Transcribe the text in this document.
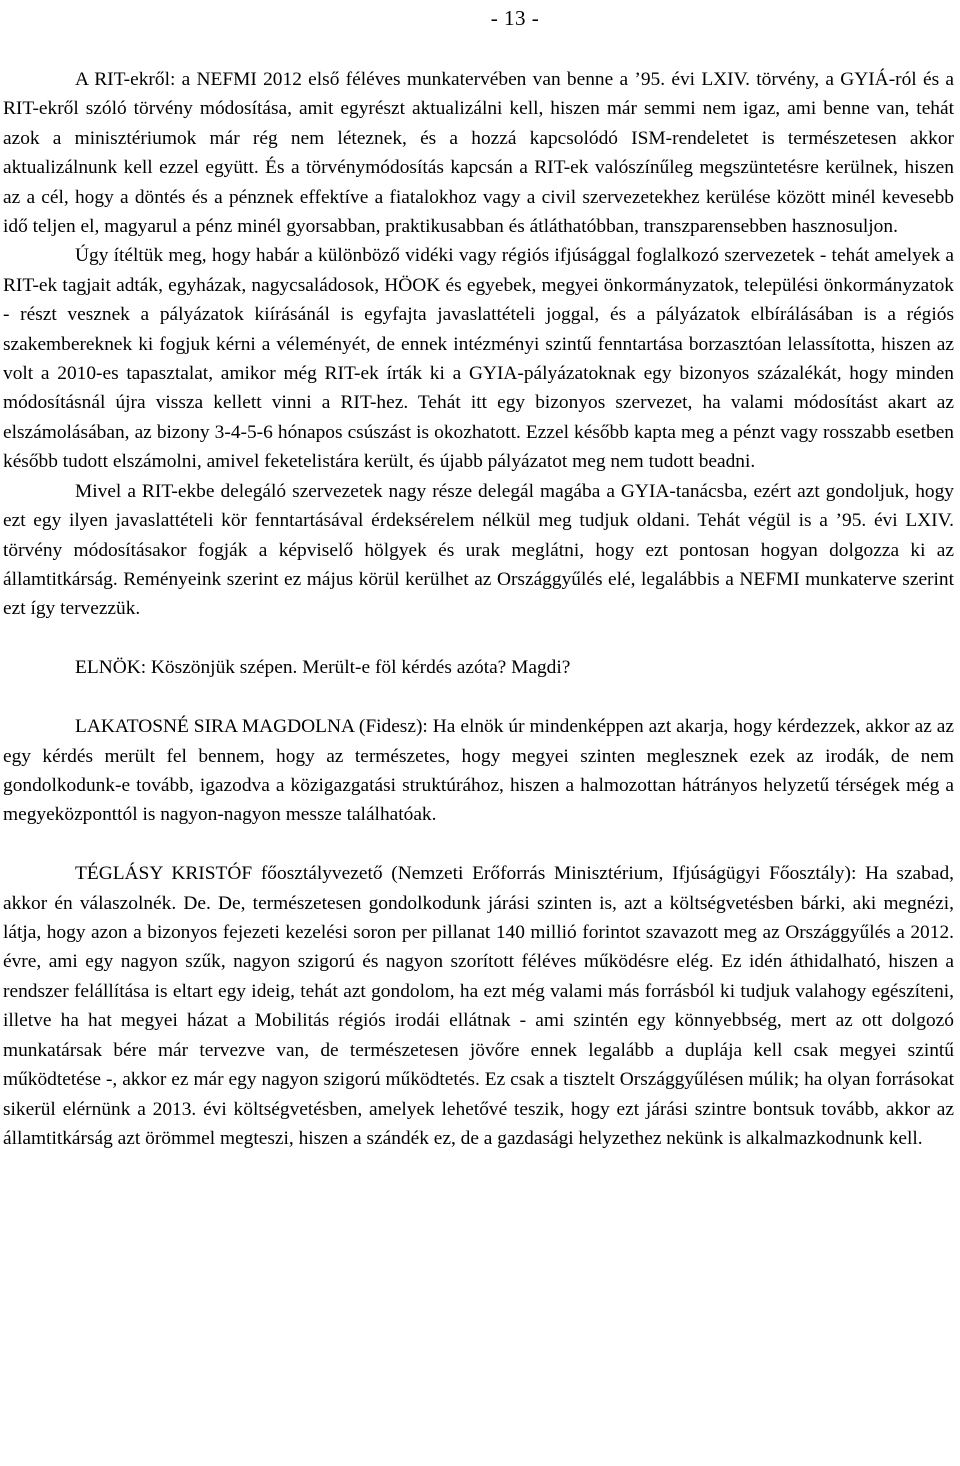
- 13 -

A RIT-ekről: a NEFMI 2012 első féléves munkatervében van benne a ’95. évi LXIV. törvény, a GYIÁ-ról és a RIT-ekről szóló törvény módosítása, amit egyrészt aktualizálni kell, hiszen már semmi nem igaz, ami benne van, tehát azok a minisztériumok már rég nem léteznek, és a hozzá kapcsolódó ISM-rendeletet is természetesen akkor aktualizálnunk kell ezzel együtt. És a törvénymódosítás kapcsán a RIT-ek valószínűleg megszüntetésre kerülnek, hiszen az a cél, hogy a döntés és a pénznek effektíve a fiatalokhoz vagy a civil szervezetekhez kerülése között minél kevesebb idő teljen el, magyarul a pénz minél gyorsabban, praktikusabban és átláthatóbban, transzparensebben hasznosuljon.

Úgy ítéltük meg, hogy habár a különböző vidéki vagy régiós ifjúsággal foglalkozó szervezetek - tehát amelyek a RIT-ek tagjait adták, egyházak, nagycsaládosok, HÖOK és egyebek, megyei önkormányzatok, települési önkormányzatok - részt vesznek a pályázatok kiírásánál is egyfajta javaslattételi joggal, és a pályázatok elbírálásában is a régiós szakembereknek ki fogjuk kérni a véleményét, de ennek intézményi szintű fenntartása borzasztóan lelassította, hiszen az volt a 2010-es tapasztalat, amikor még RIT-ek írták ki a GYIA-pályázatoknak egy bizonyos százalékát, hogy minden módosításnál újra vissza kellett vinni a RIT-hez. Tehát itt egy bizonyos szervezet, ha valami módosítást akart az elszámolásában, az bizony 3-4-5-6 hónapos csúszást is okozhatott. Ezzel később kapta meg a pénzt vagy rosszabb esetben később tudott elszámolni, amivel feketelistára került, és újabb pályázatot meg nem tudott beadni.

Mivel a RIT-ekbe delegáló szervezetek nagy része delegál magába a GYIA-tanácsba, ezért azt gondoljuk, hogy ezt egy ilyen javaslattételi kör fenntartásával érdeksérelem nélkül meg tudjuk oldani. Tehát végül is a ’95. évi LXIV. törvény módosításakor fogják a képviselő hölgyek és urak meglátni, hogy ezt pontosan hogyan dolgozza ki az államtitkárság. Reményeink szerint ez május körül kerülhet az Országgyűlés elé, legalábbis a NEFMI munkaterve szerint ezt így tervezzük.

ELNÖK: Köszönjük szépen. Merült-e föl kérdés azóta? Magdi?

LAKATOSNÉ SIRA MAGDOLNA (Fidesz): Ha elnök úr mindenképpen azt akarja, hogy kérdezzek, akkor az az egy kérdés merült fel bennem, hogy az természetes, hogy megyei szinten meglesznek ezek az irodák, de nem gondolkodunk-e tovább, igazodva a közigazgatási struktúrához, hiszen a halmozottan hátrányos helyzetű térségek még a megyeközponttól is nagyon-nagyon messze találhatóak.

TÉGLÁSY KRISTÓF főosztályvezető (Nemzeti Erőforrás Minisztérium, Ifjúságügyi Főosztály): Ha szabad, akkor én válaszolnék. De. De, természetesen gondolkodunk járási szinten is, azt a költségvetésben bárki, aki megnézi, látja, hogy azon a bizonyos fejezeti kezelési soron per pillanat 140 millió forintot szavazott meg az Országgyűlés a 2012. évre, ami egy nagyon szűk, nagyon szigorú és nagyon szorított féléves működésre elég. Ez idén áthidalható, hiszen a rendszer felállítása is eltart egy ideig, tehát azt gondolom, ha ezt még valami más forrásból ki tudjuk valahogy egészíteni, illetve ha hat megyei házat a Mobilitás régiós irodái ellátnak - ami szintén egy könnyebbség, mert az ott dolgozó munkatársak bére már tervezve van, de természetesen jövőre ennek legalább a duplája kell csak megyei szintű működtetése -, akkor ez már egy nagyon szigorú működtetés. Ez csak a tisztelt Országgyűlésen múlik; ha olyan forrásokat sikerül elérnünk a 2013. évi költségvetésben, amelyek lehetővé teszik, hogy ezt járási szintre bontsuk tovább, akkor az államtitkárság azt örömmel megteszi, hiszen a szándék ez, de a gazdasági helyzethez nekünk is alkalmazkodnunk kell.
